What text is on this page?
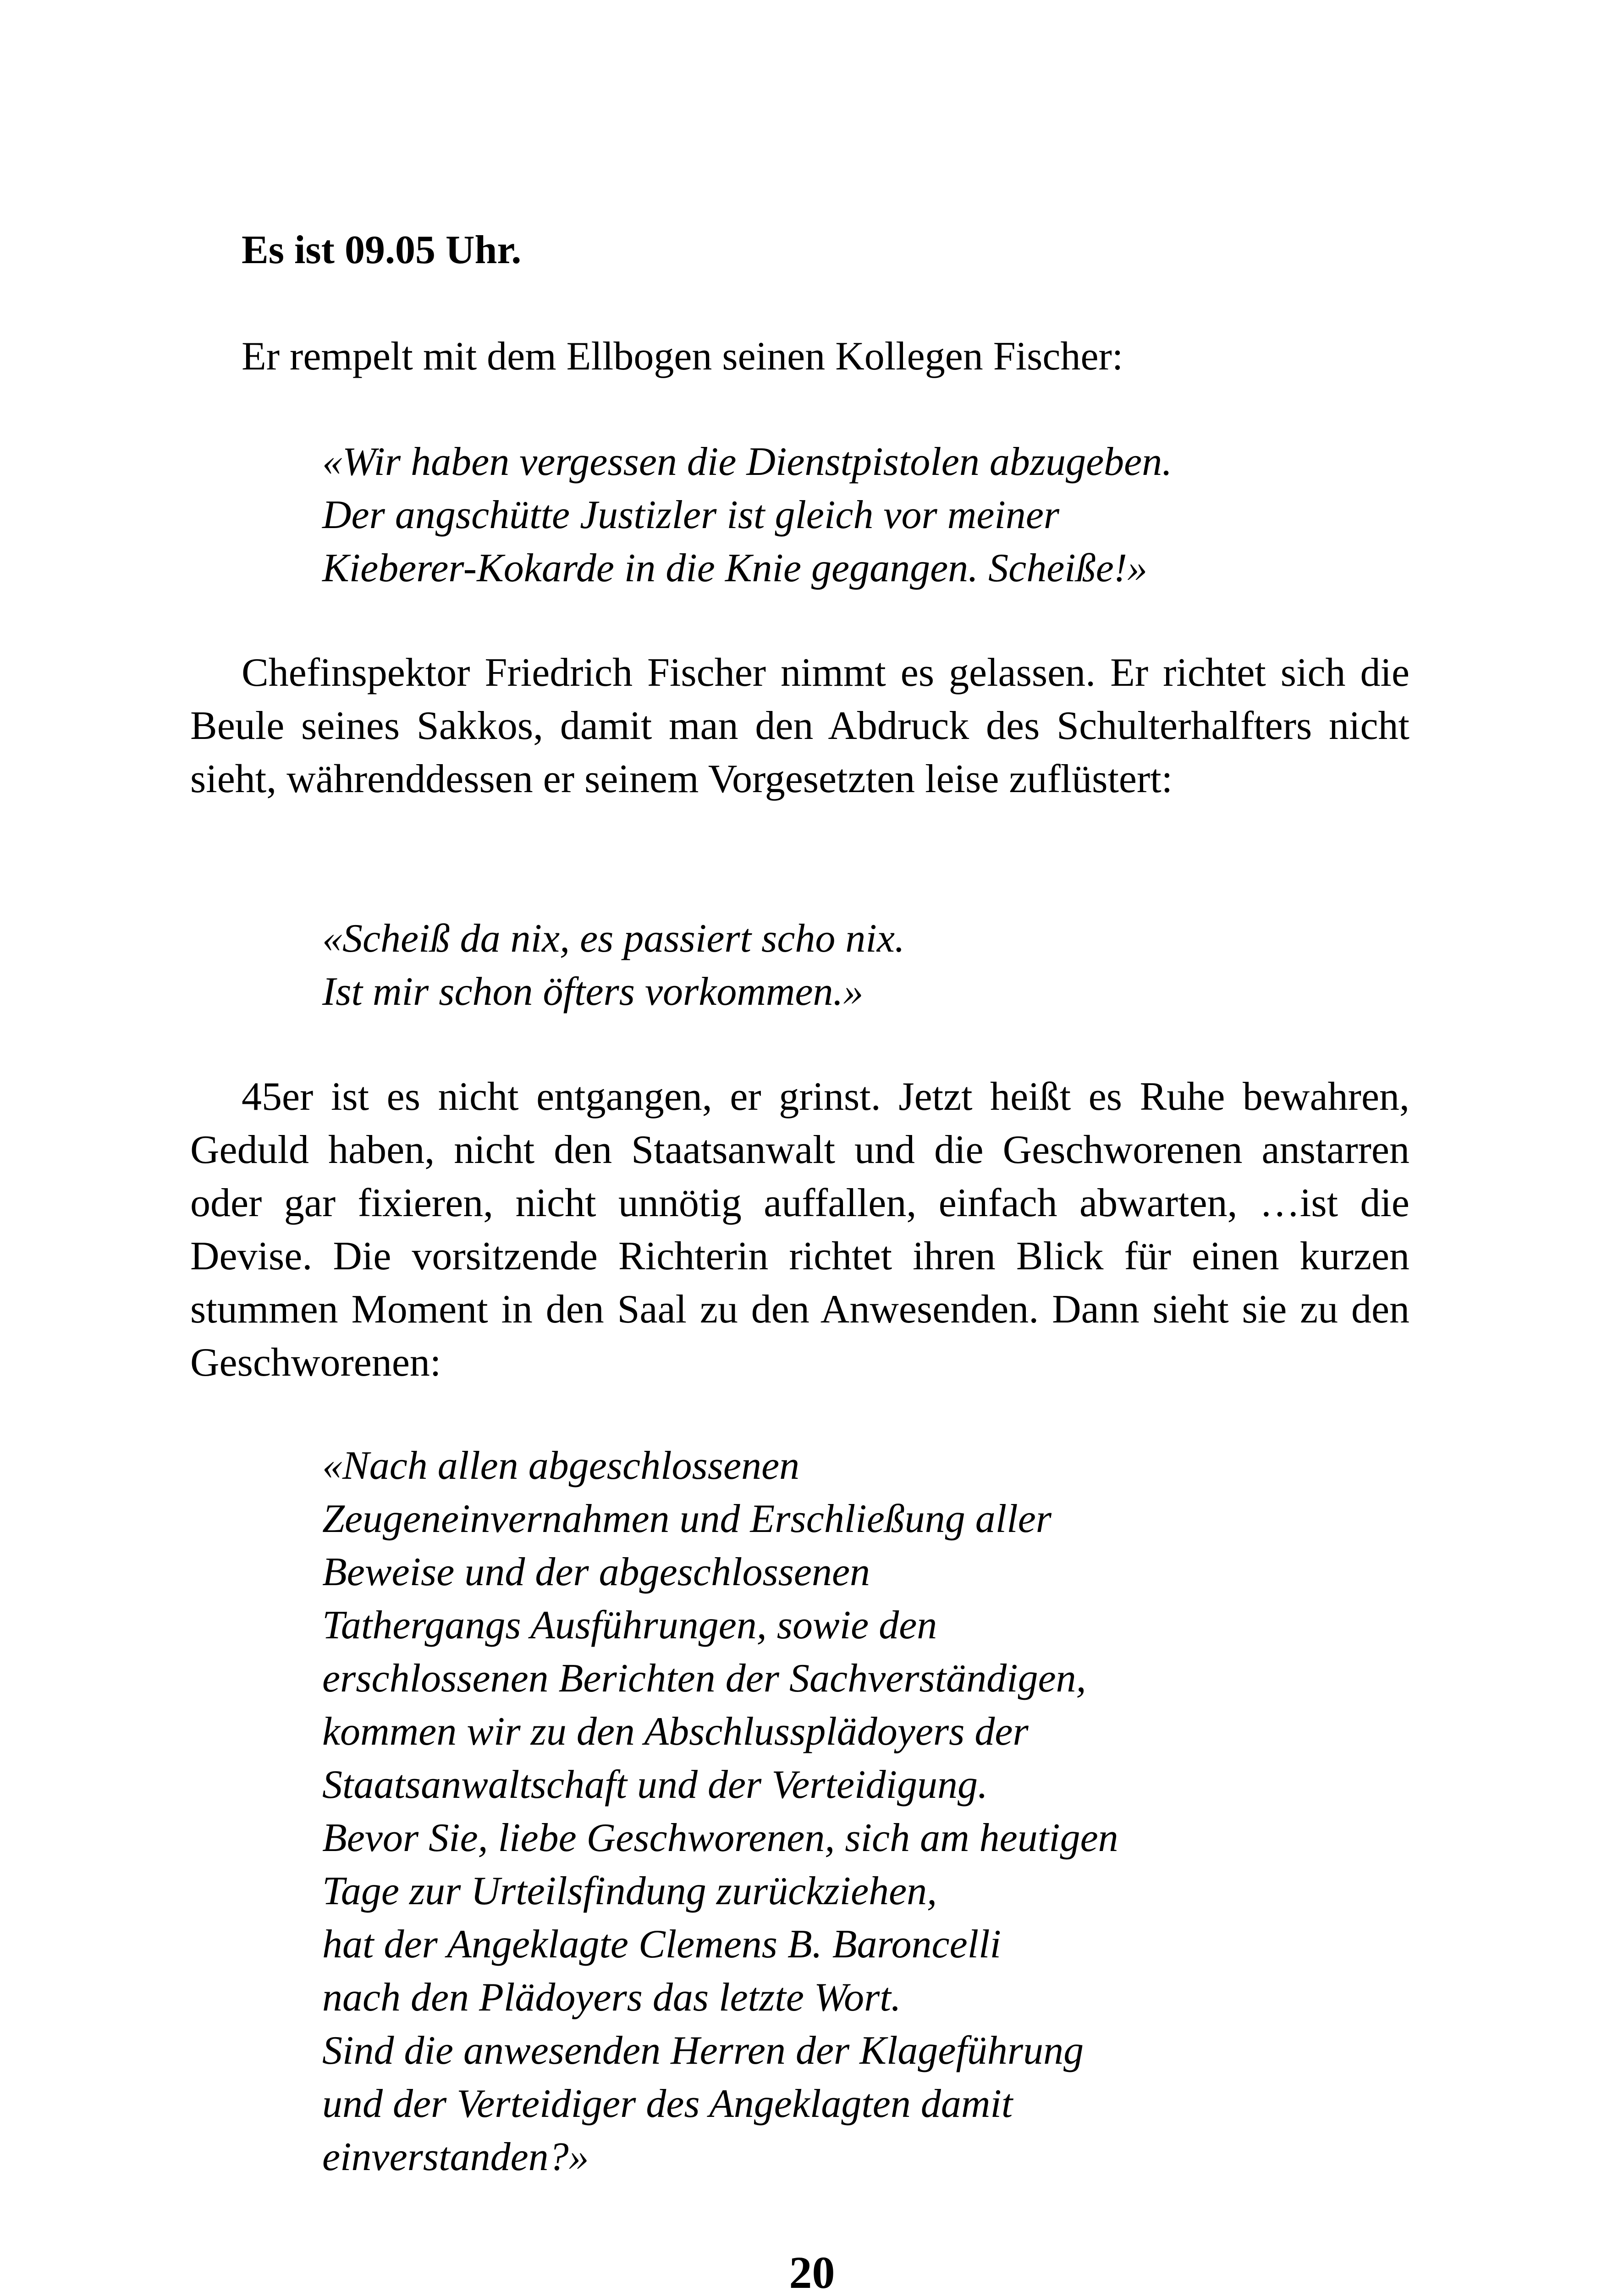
Es ist 09.05 Uhr.

Er rempelt mit dem Ellbogen seinen Kollegen Fischer:

«Wir haben vergessen die Dienstpistolen abzugeben.
Der angschütte Justizler ist gleich vor meiner
Kieberer-Kokarde in die Knie gegangen. Scheiße!»

Chefinspektor Friedrich Fischer nimmt es gelassen. Er richtet sich die Beule seines Sakkos, damit man den Abdruck des Schulterhalfters nicht sieht, währenddessen er seinem Vorgesetzten leise zuflüstert:

«Scheiß da nix, es passiert scho nix.
Ist mir schon öfters vorkommen.»

45er ist es nicht entgangen, er grinst. Jetzt heißt es Ruhe bewahren, Geduld haben, nicht den Staatsanwalt und die Geschworenen anstarren oder gar fixieren, nicht unnötig auffallen, einfach abwarten, …ist die Devise. Die vorsitzende Richterin richtet ihren Blick für einen kurzen stummen Moment in den Saal zu den Anwesenden. Dann sieht sie zu den Geschworenen:

«Nach allen abgeschlossenen
Zeugeneinvernahmen und Erschließung aller
Beweise und der abgeschlossenen
Tathergangs Ausführungen, sowie den
erschlossenen Berichten der Sachverständigen,
kommen wir zu den Abschlussplädoyers der
Staatsanwaltschaft und der Verteidigung.
Bevor Sie, liebe Geschworenen, sich am heutigen
Tage zur Urteilsfindung zurückziehen,
hat der Angeklagte Clemens B. Baroncelli
nach den Plädoyers das letzte Wort.
Sind die anwesenden Herren der Klageführung
und der Verteidiger des Angeklagten damit
einverstanden?»

20
